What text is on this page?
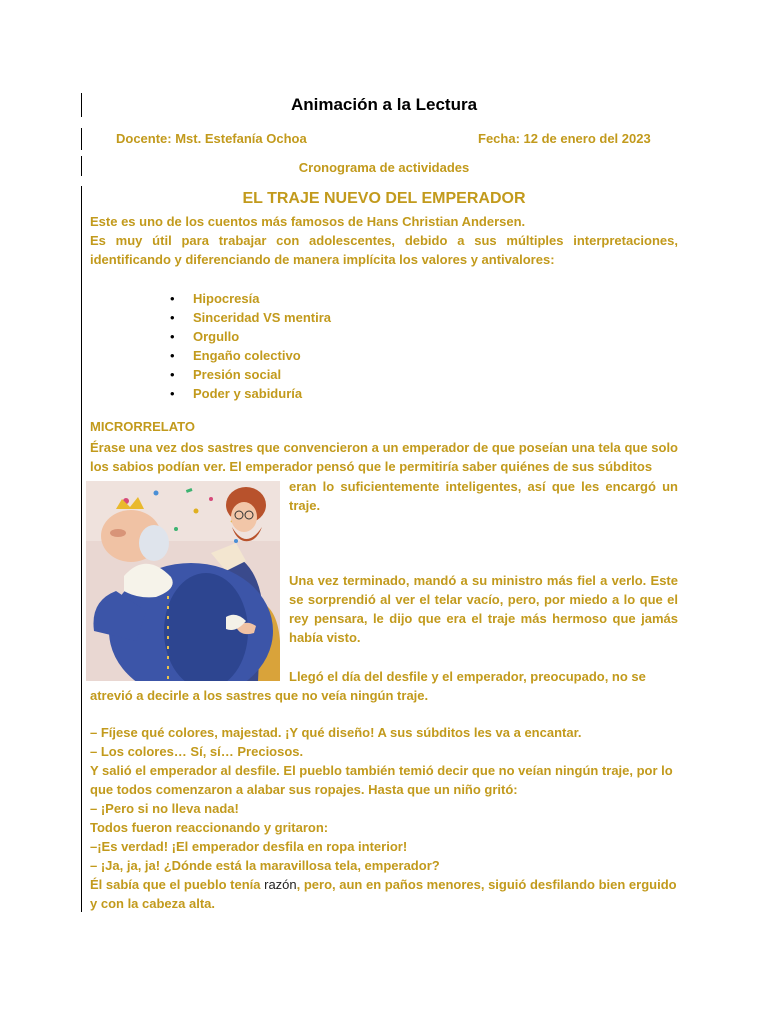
Animación a la Lectura
Docente: Mst. Estefanía Ochoa	Fecha: 12 de enero del 2023
Cronograma de actividades
EL TRAJE NUEVO DEL EMPERADOR

Este es uno de los cuentos más famosos de Hans Christian Andersen.

Es muy útil para trabajar con adolescentes, debido a sus múltiples interpretaciones, identificando y diferenciando de manera implícita los valores y antivalores:

• Hipocresía
• Sinceridad VS mentira
• Orgullo
• Engaño colectivo
• Presión social
• Poder y sabiduría
MICRORRELATO
Érase una vez dos sastres que convencieron a un emperador de que poseían una tela que solo los sabios podían ver. El emperador pensó que le permitiría saber quiénes de sus súbditos
eran lo suficientemente inteligentes, así que les encargó un traje.
Una vez terminado, mandó a su ministro más fiel a verlo. Este se sorprendió al ver el telar vacío, pero, por miedo a lo que el rey pensara, le dijo que era el traje más hermoso que jamás había visto.
Llegó el día del desfile y el emperador, preocupado, no se
atrevió a decirle a los sastres que no veía ningún traje.

– Fíjese qué colores, majestad. ¡Y qué diseño! A sus súbditos les va a encantar.

– Los colores… Sí, sí… Preciosos.

Y salió el emperador al desfile. El pueblo también temió decir que no veían ningún traje, por lo que todos comenzaron a alabar sus ropajes. Hasta que un niño gritó:

– ¡Pero si no lleva nada!

Todos fueron reaccionando y gritaron:

–¡Es verdad! ¡El emperador desfila en ropa interior!

– ¡Ja, ja, ja! ¿Dónde está la maravillosa tela, emperador?

Él sabía que el pueblo tenía razón, pero, aun en paños menores, siguió desfilando bien erguido y con la cabeza alta.
